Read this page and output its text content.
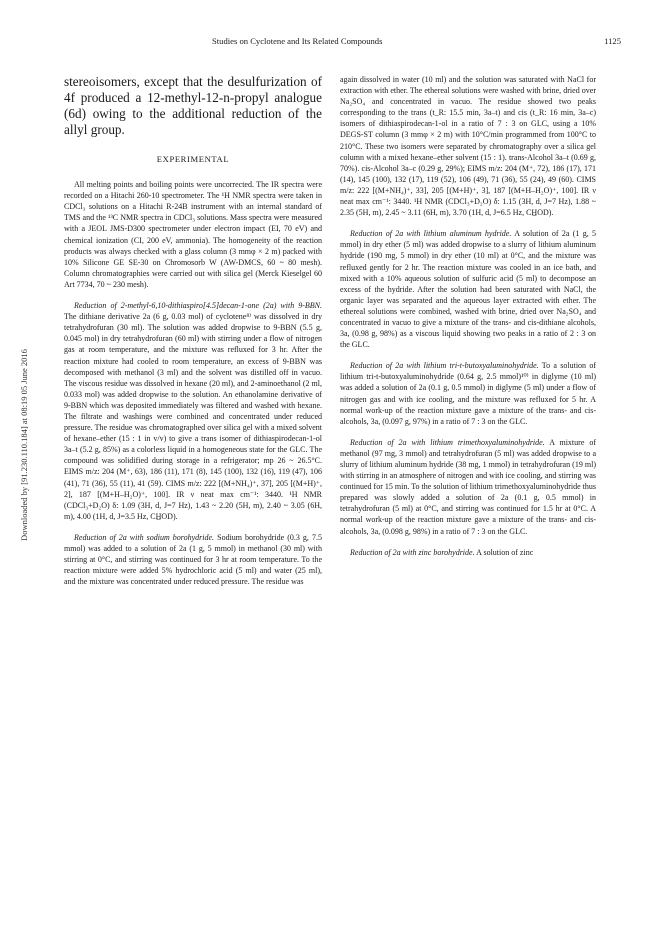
Studies on Cyclotene and Its Related Compounds	1125
Downloaded by [91.230.110.184] at 08:19 05 June 2016
stereoisomers, except that the desulfurization of 4f produced a 12-methyl-12-n-propyl analogue (6d) owing to the additional reduction of the allyl group.
EXPERIMENTAL

All melting points and boiling points were uncorrected. The IR spectra were recorded on a Hitachi 260-10 spectrometer. The ¹H NMR spectra were taken in CDCl₃ solutions on a Hitachi R-24B instrument with an internal standard of TMS and the ¹³C NMR spectra in CDCl₃ solutions. Mass spectra were measured with a JEOL JMS-D300 spectrometer under electron impact (EI, 70 eV) and chemical ionization (CI, 200 eV, ammonia). The homogeneity of the reaction products was always checked with a glass column (3 mmφ × 2 m) packed with 10% Silicone GE SE-30 on Chromosorb W (AW-DMCS, 60 ~ 80 mesh). Column chromatographies were carried out with silica gel (Merck Kieselgel 60 Art 7734, 70 ~ 230 mesh).

Reduction of 2-methyl-6,10-dithiaspiro[4.5]decan-1-one (2a) with 9-BBN. The dithiane derivative 2a (6 g, 0.03 mol) of cyclotene⁸⁾ was dissolved in dry tetrahydrofuran (30 ml). The solution was added dropwise to 9-BBN (5.5 g, 0.045 mol) in dry tetrahydrofuran (60 ml) with stirring under a flow of nitrogen gas at room temperature, and the mixture was refluxed for 3 hr. After the reaction mixture had cooled to room temperature, an excess of 9-BBN was decomposed with methanol (3 ml) and the solvent was distilled off in vacuo. The viscous residue was dissolved in hexane (20 ml), and 2-aminoethanol (2 ml, 0.033 mol) was added dropwise to the solution. An ethanolamine derivative of 9-BBN which was deposited immediately was filtered and washed with hexane. The filtrate and washings were combined and concentrated under reduced pressure. The residue was chromatographed over silica gel with a mixed solvent of hexane–ether (15 : 1 in v/v) to give a trans isomer of dithiaspirodecan-1-ol 3a–t (5.2 g, 85%) as a colorless liquid in a homogeneous state for the GLC. The compound was solidified during storage in a refrigerator; mp 26 ~ 26.5°C. EIMS m/z: 204 (M⁺, 63), 186 (11), 171 (8), 145 (100), 132 (16), 119 (47), 106 (41), 71 (36), 55 (11), 41 (59). CIMS m/z: 222 [(M+NH₄)⁺, 37], 205 [(M+H)⁺, 2], 187 [(M+H–H₂O)⁺, 100]. IR ν neat max cm⁻¹: 3440. ¹H NMR (CDCl₃+D₂O) δ: 1.09 (3H, d, J=7 Hz), 1.43 ~ 2.20 (5H, m), 2.40 ~ 3.05 (6H, m), 4.00 (1H, d, J=3.5 Hz, CH̲OD).

Reduction of 2a with sodium borohydride. Sodium borohydride (0.3 g, 7.5 mmol) was added to a solution of 2a (1 g, 5 mmol) in methanol (30 ml) with stirring at 0°C, and stirring was continued for 3 hr at room temperature. To the reaction mixture were added 5% hydrochloric acid (5 ml) and water (25 ml), and the mixture was concentrated under reduced pressure. The residue was

again dissolved in water (10 ml) and the solution was saturated with NaCl for extraction with ether. The ethereal solutions were washed with brine, dried over Na₂SO₄ and concentrated in vacuo. The residue showed two peaks corresponding to the trans (t_R: 15.5 min, 3a–t) and cis (t_R: 16 min, 3a–c) isomers of dithiaspirodecan-1-ol in a ratio of 7 : 3 on GLC, using a 10% DEGS-ST column (3 mmφ × 2 m) with 10°C/min programmed from 100°C to 210°C. These two isomers were separated by chromatography over a silica gel column with a mixed hexane–ether solvent (15 : 1). trans-Alcohol 3a–t (0.69 g, 70%). cis-Alcohol 3a–c (0.29 g, 29%); EIMS m/z: 204 (M⁺, 72), 186 (17), 171 (14), 145 (100), 132 (17), 119 (52), 106 (49), 71 (36), 55 (24), 49 (60). CIMS m/z: 222 [(M+NH₄)⁺, 33], 205 [(M+H)⁺, 3], 187 [(M+H–H₂O)⁺, 100]. IR ν neat max cm⁻¹: 3440. ¹H NMR (CDCl₃+D₂O) δ: 1.15 (3H, d, J=7 Hz), 1.88 ~ 2.35 (5H, m), 2.45 ~ 3.11 (6H, m), 3.70 (1H, d, J=6.5 Hz, CH̲OD).

Reduction of 2a with lithium aluminum hydride. A solution of 2a (1 g, 5 mmol) in dry ether (5 ml) was added dropwise to a slurry of lithium aluminum hydride (190 mg, 5 mmol) in dry ether (10 ml) at 0°C, and the mixture was refluxed gently for 2 hr. The reaction mixture was cooled in an ice bath, and mixed with a 10% aqueous solution of sulfuric acid (5 ml) to decompose an excess of the hydride. After the solution had been saturated with NaCl, the organic layer was separated and the aqueous layer extracted with ether. The ethereal solutions were combined, washed with brine, dried over Na₂SO₄ and concentrated in vacuo to give a mixture of the trans- and cis-dithiane alcohols, 3a, (0.98 g, 98%) as a viscous liquid showing two peaks in a ratio of 2 : 3 on the GLC.

Reduction of 2a with lithium tri-t-butoxyaluminohydride. To a solution of lithium tri-t-butoxyaluminohydride (0.64 g, 2.5 mmol)¹⁰⁾ in diglyme (10 ml) was added a solution of 2a (0.1 g, 0.5 mmol) in diglyme (5 ml) under a flow of nitrogen gas and with ice cooling, and the mixture was refluxed for 5 hr. A normal work-up of the reaction mixture gave a mixture of the trans- and cis-alcohols, 3a, (0.097 g, 97%) in a ratio of 7 : 3 on the GLC.

Reduction of 2a with lithium trimethoxyaluminohydride. A mixture of methanol (97 mg, 3 mmol) and tetrahydrofuran (5 ml) was added dropwise to a slurry of lithium aluminum hydride (38 mg, 1 mmol) in tetrahydrofuran (19 ml) with stirring in an atmosphere of nitrogen and with ice cooling, and stirring was continued for 15 min. To the solution of lithium trimethoxyaluminohydride thus prepared was slowly added a solution of 2a (0.1 g, 0.5 mmol) in tetrahydrofuran (5 ml) at 0°C, and stirring was continued for 1.5 hr at 0°C. A normal work-up of the reaction mixture gave a mixture of the trans- and cis-alcohols, 3a, (0.098 g, 98%) in a ratio of 7 : 3 on the GLC.

Reduction of 2a with zinc borohydride. A solution of zinc
